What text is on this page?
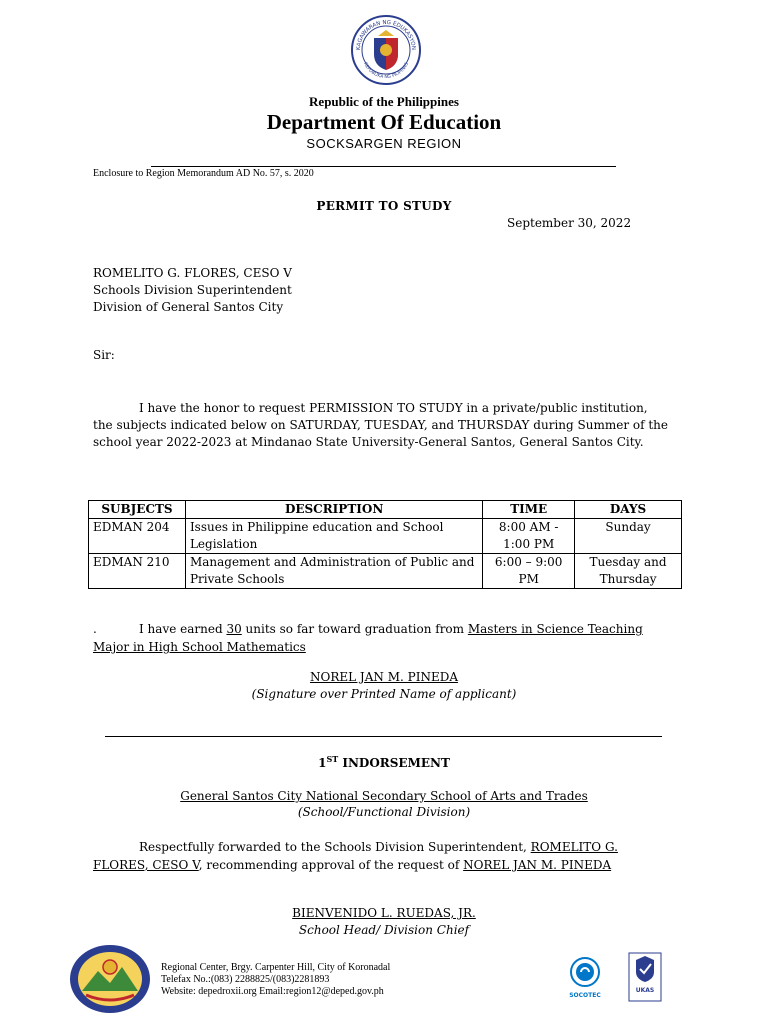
KAGAWARAN NG EDUKASYON
REPUBLIKA NG PILIPINAS
Republic of the Philippines
Department Of Education
SOCKSARGEN REGION
Enclosure to Region Memorandum AD No. 57, s. 2020
PERMIT TO STUDY
September 30, 2022
ROMELITO G. FLORES, CESO V
Schools Division Superintendent
Division of General Santos City
Sir:
I have the honor to request PERMISSION TO STUDY in a private/public institution, the subjects indicated below on SATURDAY, TUESDAY, and THURSDAY during Summer of the school year 2022-2023 at Mindanao State University-General Santos, General Santos City.
SUBJECTS	DESCRIPTION	TIME	DAYS
EDMAN 204	Issues in Philippine education and School Legislation	8:00 AM - 1:00 PM	Sunday
EDMAN 210	Management and Administration of Public and Private Schools	6:00 – 9:00 PM	Tuesday and Thursday
.	I have earned 30 units so far toward graduation from Masters in Science Teaching Major in High School Mathematics
NOREL JAN M. PINEDA
(Signature over Printed Name of applicant)
1ST INDORSEMENT
General Santos City National Secondary School of Arts and Trades
(School/Functional Division)
Respectfully forwarded to the Schools Division Superintendent, ROMELITO G. FLORES, CESO V, recommending approval of the request of NOREL JAN M. PINEDA
BIENVENIDO L. RUEDAS, JR.
School Head/ Division Chief
Regional Center, Brgy. Carpenter Hill, City of Koronadal
Telefax No.:(083) 2288825/(083)2281893
Website: depedroxii.org Email:region12@deped.gov.ph	SOCOTEC
UKAS
